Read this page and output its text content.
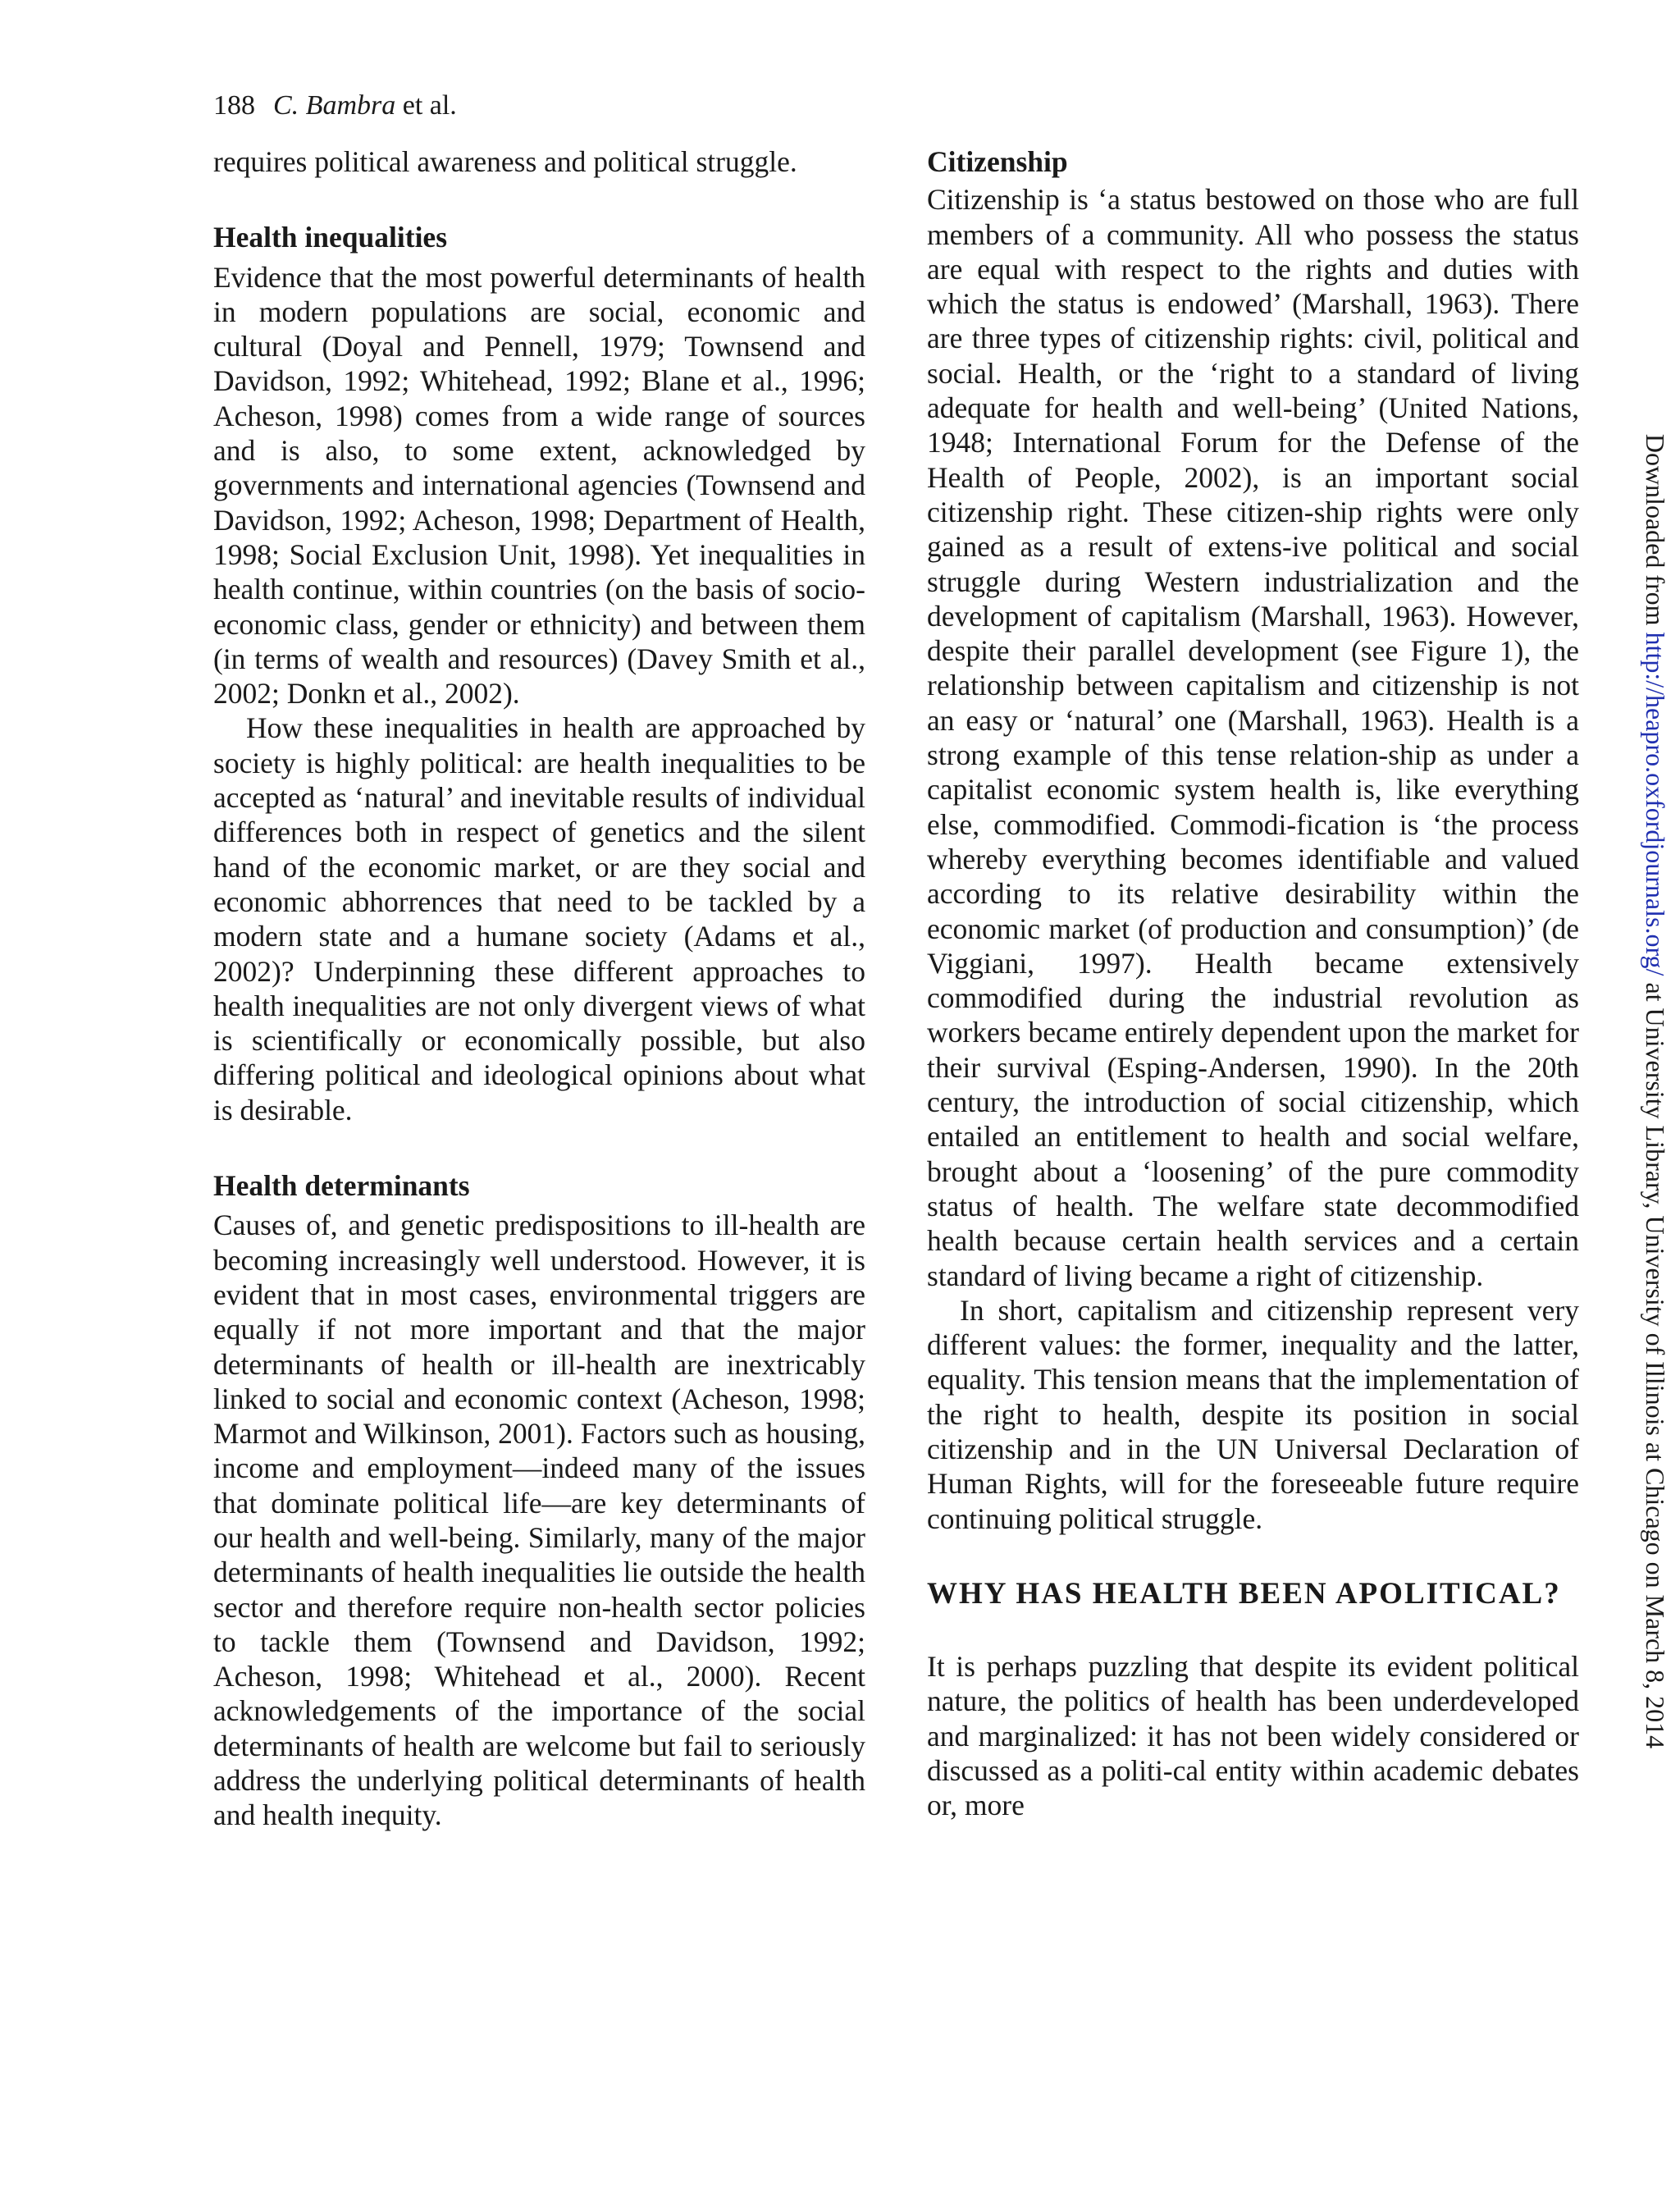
188 C. Bambra et al.

requires political awareness and political struggle.

Health inequalities

Evidence that the most powerful determinants of health in modern populations are social, economic and cultural (Doyal and Pennell, 1979; Townsend and Davidson, 1992; Whitehead, 1992; Blane et al., 1996; Acheson, 1998) comes from a wide range of sources and is also, to some extent, acknowledged by governments and international agencies (Townsend and Davidson, 1992; Acheson, 1998; Department of Health, 1998; Social Exclusion Unit, 1998). Yet inequalities in health continue, within countries (on the basis of socio-economic class, gender or ethnicity) and between them (in terms of wealth and resources) (Davey Smith et al., 2002; Donkn et al., 2002).

How these inequalities in health are approached by society is highly political: are health inequalities to be accepted as ‘natural’ and inevitable results of individual differences both in respect of genetics and the silent hand of the economic market, or are they social and economic abhorrences that need to be tackled by a modern state and a humane society (Adams et al., 2002)? Underpinning these different approaches to health inequalities are not only divergent views of what is scientifically or economically possible, but also differing political and ideological opinions about what is desirable.

Health determinants

Causes of, and genetic predispositions to ill-health are becoming increasingly well understood. However, it is evident that in most cases, environmental triggers are equally if not more important and that the major determinants of health or ill-health are inextricably linked to social and economic context (Acheson, 1998; Marmot and Wilkinson, 2001). Factors such as housing, income and employment—indeed many of the issues that dominate political life—are key determinants of our health and well-being. Similarly, many of the major determinants of health inequalities lie outside the health sector and therefore require non-health sector policies to tackle them (Townsend and Davidson, 1992; Acheson, 1998; Whitehead et al., 2000). Recent acknowledgements of the importance of the social determinants of health are welcome but fail to seriously address the underlying political determinants of health and health inequity.

Citizenship

Citizenship is ‘a status bestowed on those who are full members of a community. All who possess the status are equal with respect to the rights and duties with which the status is endowed’ (Marshall, 1963). There are three types of citizenship rights: civil, political and social. Health, or the ‘right to a standard of living adequate for health and well-being’ (United Nations, 1948; International Forum for the Defense of the Health of People, 2002), is an important social citizenship right. These citizen-ship rights were only gained as a result of extens-ive political and social struggle during Western industrialization and the development of capitalism (Marshall, 1963). However, despite their parallel development (see Figure 1), the relationship between capitalism and citizenship is not an easy or ‘natural’ one (Marshall, 1963). Health is a strong example of this tense relation-ship as under a capitalist economic system health is, like everything else, commodified. Commodi-fication is ‘the process whereby everything becomes identifiable and valued according to its relative desirability within the economic market (of production and consumption)’ (de Viggiani, 1997). Health became extensively commodified during the industrial revolution as workers became entirely dependent upon the market for their survival (Esping-Andersen, 1990). In the 20th century, the introduction of social citizenship, which entailed an entitlement to health and social welfare, brought about a ‘loosening’ of the pure commodity status of health. The welfare state decommodified health because certain health services and a certain standard of living became a right of citizenship.

In short, capitalism and citizenship represent very different values: the former, inequality and the latter, equality. This tension means that the implementation of the right to health, despite its position in social citizenship and in the UN Universal Declaration of Human Rights, will for the foreseeable future require continuing political struggle.

WHY HAS HEALTH BEEN APOLITICAL?

It is perhaps puzzling that despite its evident political nature, the politics of health has been underdeveloped and marginalized: it has not been widely considered or discussed as a politi-cal entity within academic debates or, more

Downloaded from http://heapro.oxfordjournals.org/ at University Library, University of Illinois at Chicago on March 8, 2014
